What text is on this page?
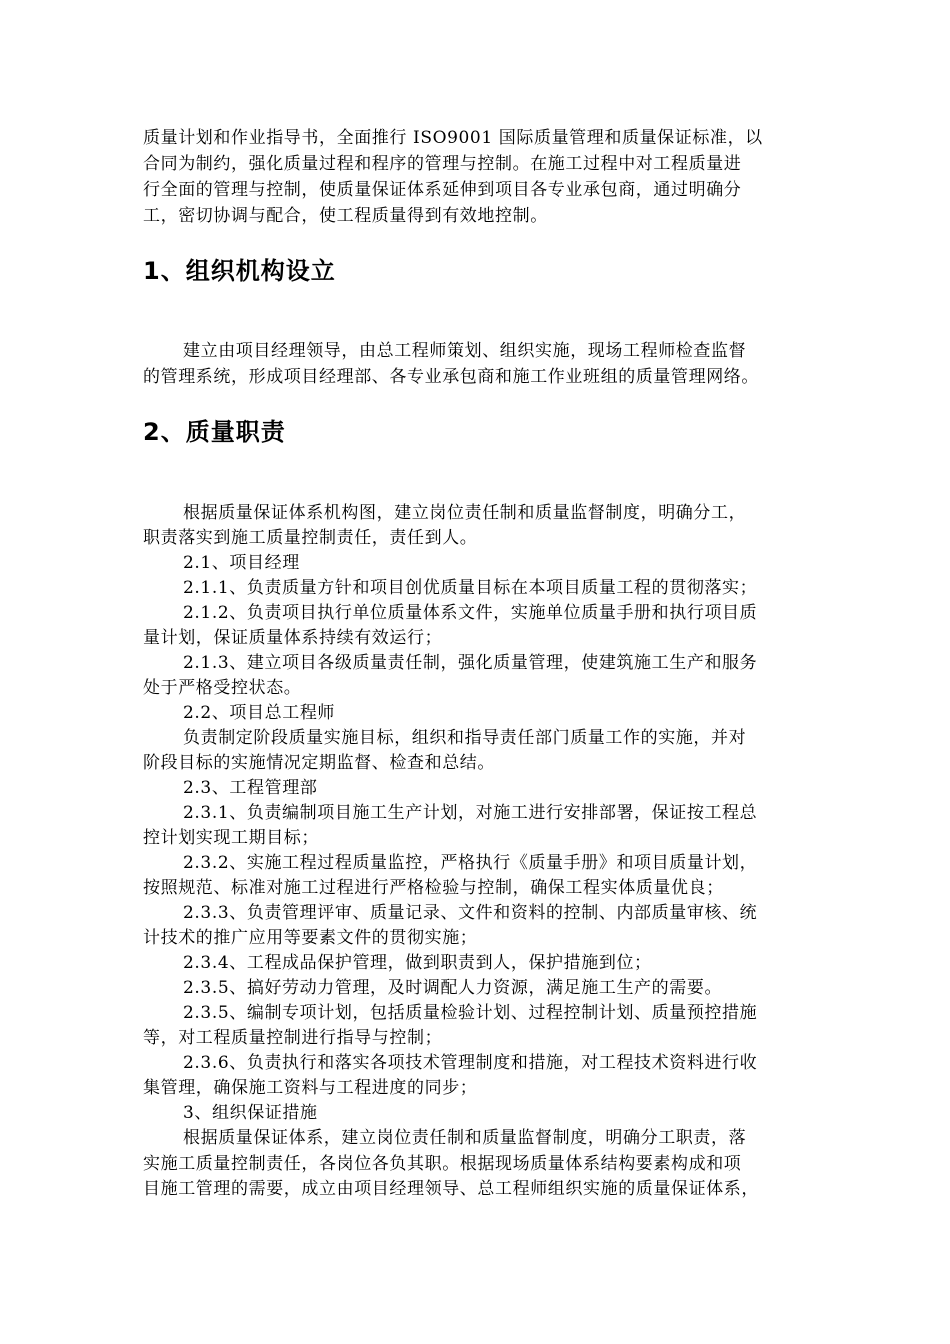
质量计划和作业指导书，全面推行 ISO9001 国际质量管理和质量保证标准，以

合同为制约，强化质量过程和程序的管理与控制。在施工过程中对工程质量进

行全面的管理与控制，使质量保证体系延伸到项目各专业承包商，通过明确分

工，密切协调与配合，使工程质量得到有效地控制。

1、组织机构设立

建立由项目经理领导，由总工程师策划、组织实施，现场工程师检查监督

的管理系统，形成项目经理部、各专业承包商和施工作业班组的质量管理网络。

2、质量职责

根据质量保证体系机构图，建立岗位责任制和质量监督制度，明确分工，

职责落实到施工质量控制责任，责任到人。

2.1、项目经理

2.1.1、负责质量方针和项目创优质量目标在本项目质量工程的贯彻落实；

2.1.2、负责项目执行单位质量体系文件，实施单位质量手册和执行项目质

量计划，保证质量体系持续有效运行；

2.1.3、建立项目各级质量责任制，强化质量管理，使建筑施工生产和服务

处于严格受控状态。

2.2、项目总工程师

负责制定阶段质量实施目标，组织和指导责任部门质量工作的实施，并对

阶段目标的实施情况定期监督、检查和总结。

2.3、工程管理部

2.3.1、负责编制项目施工生产计划，对施工进行安排部署，保证按工程总

控计划实现工期目标；

2.3.2、实施工程过程质量监控，严格执行《质量手册》和项目质量计划，

按照规范、标准对施工过程进行严格检验与控制，确保工程实体质量优良；

2.3.3、负责管理评审、质量记录、文件和资料的控制、内部质量审核、统

计技术的推广应用等要素文件的贯彻实施；

2.3.4、工程成品保护管理，做到职责到人，保护措施到位；

2.3.5、搞好劳动力管理，及时调配人力资源，满足施工生产的需要。

2.3.5、编制专项计划，包括质量检验计划、过程控制计划、质量预控措施

等，对工程质量控制进行指导与控制；

2.3.6、负责执行和落实各项技术管理制度和措施，对工程技术资料进行收

集管理，确保施工资料与工程进度的同步；

3、组织保证措施

根据质量保证体系，建立岗位责任制和质量监督制度，明确分工职责，落

实施工质量控制责任，各岗位各负其职。根据现场质量体系结构要素构成和项

目施工管理的需要，成立由项目经理领导、总工程师组织实施的质量保证体系，
